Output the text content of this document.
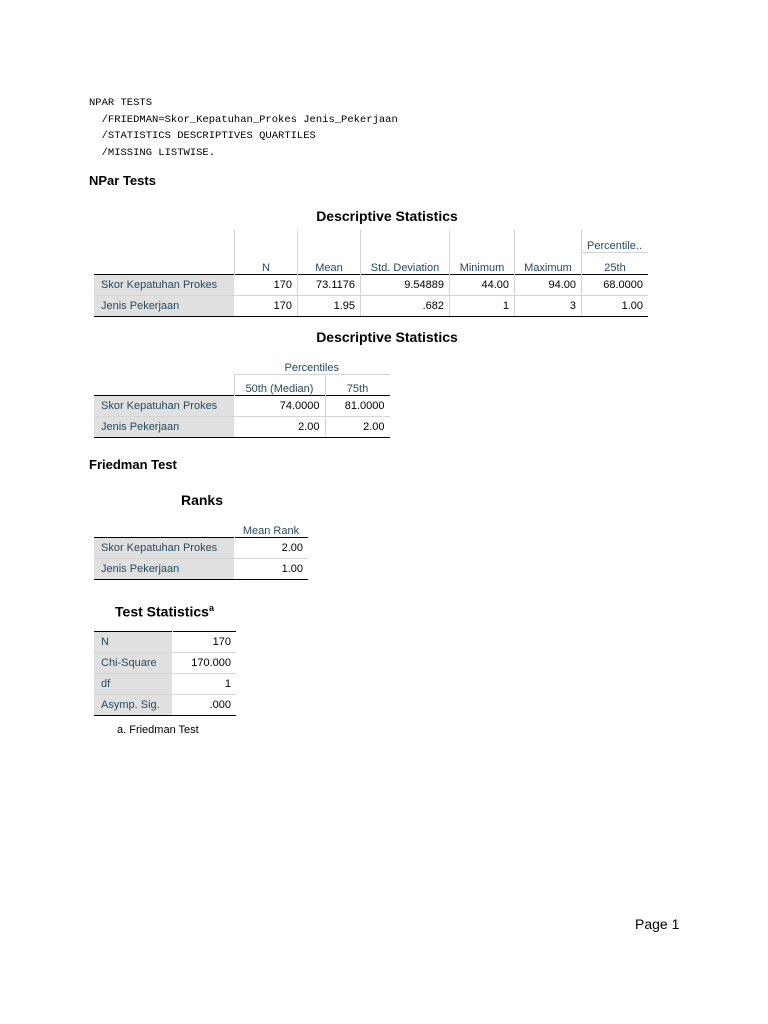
NPAR TESTS
/FRIEDMAN=Skor_Kepatuhan_Prokes Jenis_Pekerjaan
/STATISTICS DESCRIPTIVES QUARTILES
/MISSING LISTWISE.
NPar Tests
Descriptive Statistics
						Percentile..
	N	Mean	Std. Deviation	Minimum	Maximum	25th
Skor Kepatuhan Prokes	170	73.1176	9.54889	44.00	94.00	68.0000
Jenis Pekerjaan	170	1.95	.682	1	3	1.00
Descriptive Statistics
	Percentiles	
	50th (Median)	75th
Skor Kepatuhan Prokes	74.0000	81.0000
Jenis Pekerjaan	2.00	2.00
Friedman Test
Ranks
	Mean Rank
Skor Kepatuhan Prokes	2.00
Jenis Pekerjaan	1.00
Test Statistics$^a$
N	170
Chi-Square	170.000
df	1
Asymp. Sig.	.000
a. Friedman Test
Page 1
